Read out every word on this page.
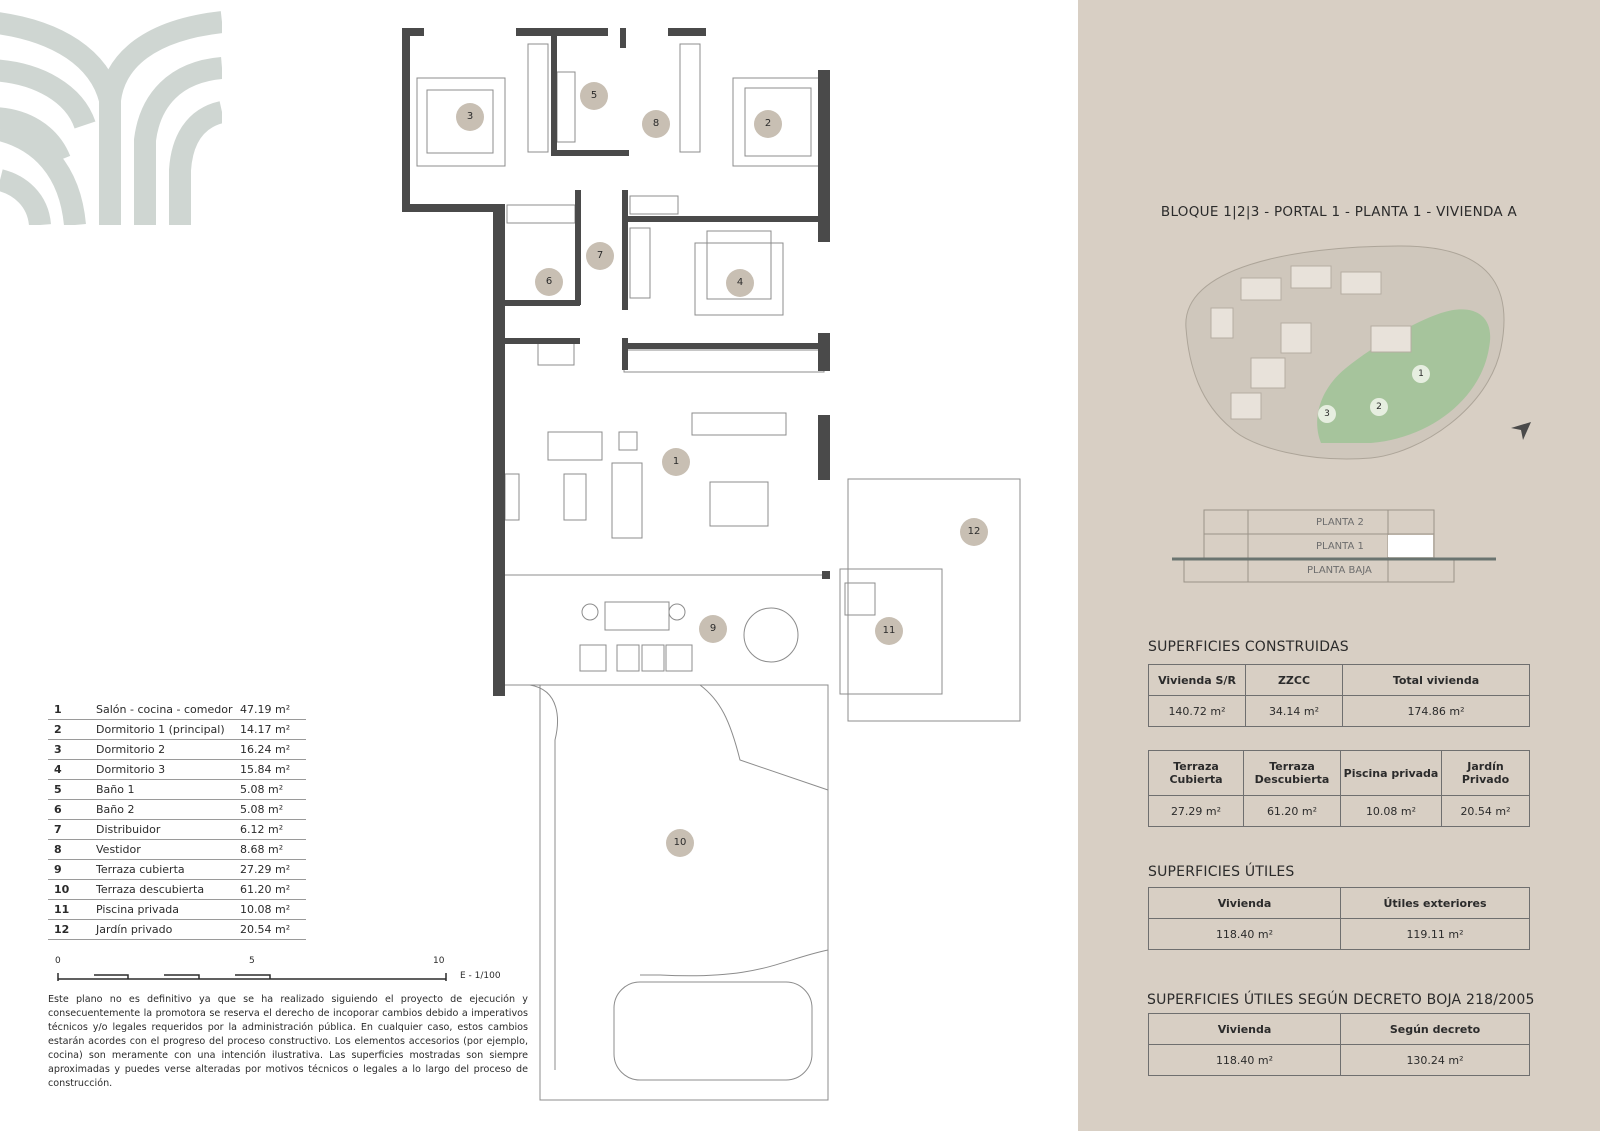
1
2
3
4
5
6
7
8
9
10
11
12
1	Salón - cocina - comedor	47.19 m²
2	Dormitorio 1 (principal)	14.17 m²
3	Dormitorio 2	16.24 m²
4	Dormitorio 3	15.84 m²
5	Baño 1	5.08 m²
6	Baño 2	5.08 m²
7	Distribuidor	6.12 m²
8	Vestidor	8.68 m²
9	Terraza cubierta	27.29 m²
10	Terraza descubierta	61.20 m²
11	Piscina privada	10.08 m²
12	Jardín privado	20.54 m²
0	5	10
E - 1/100

Este plano no es definitivo ya que se ha realizado siguiendo el proyecto de ejecución y consecuentemente la promotora se reserva el derecho de incoporar cambios debido a imperativos técnicos y/o legales requeridos por la administración pública. En cualquier caso, estos cambios estarán acordes con el progreso del proceso constructivo. Los elementos accesorios (por ejemplo, cocina) son meramente con una intención ilustrativa. Las superficies mostradas son siempre aproximadas y puedes verse alteradas por motivos técnicos o legales a lo largo del proceso de construcción.

BLOQUE 1|2|3 - PORTAL 1 - PLANTA 1 - VIVIENDA A
1
2
3
PLANTA 2
PLANTA 1
PLANTA BAJA
SUPERFICIES CONSTRUIDAS
Vivienda S/R	ZZCC	Total vivienda
140.72 m²	34.14 m²	174.86 m²
Terraza Cubierta	Terraza Descubierta	Piscina privada	Jardín Privado
27.29 m²	61.20 m²	10.08 m²	20.54 m²
SUPERFICIES ÚTILES
Vivienda	Útiles exteriores
118.40 m²	119.11 m²
SUPERFICIES ÚTILES SEGÚN DECRETO BOJA 218/2005
Vivienda	Según decreto
118.40 m²	130.24 m²
